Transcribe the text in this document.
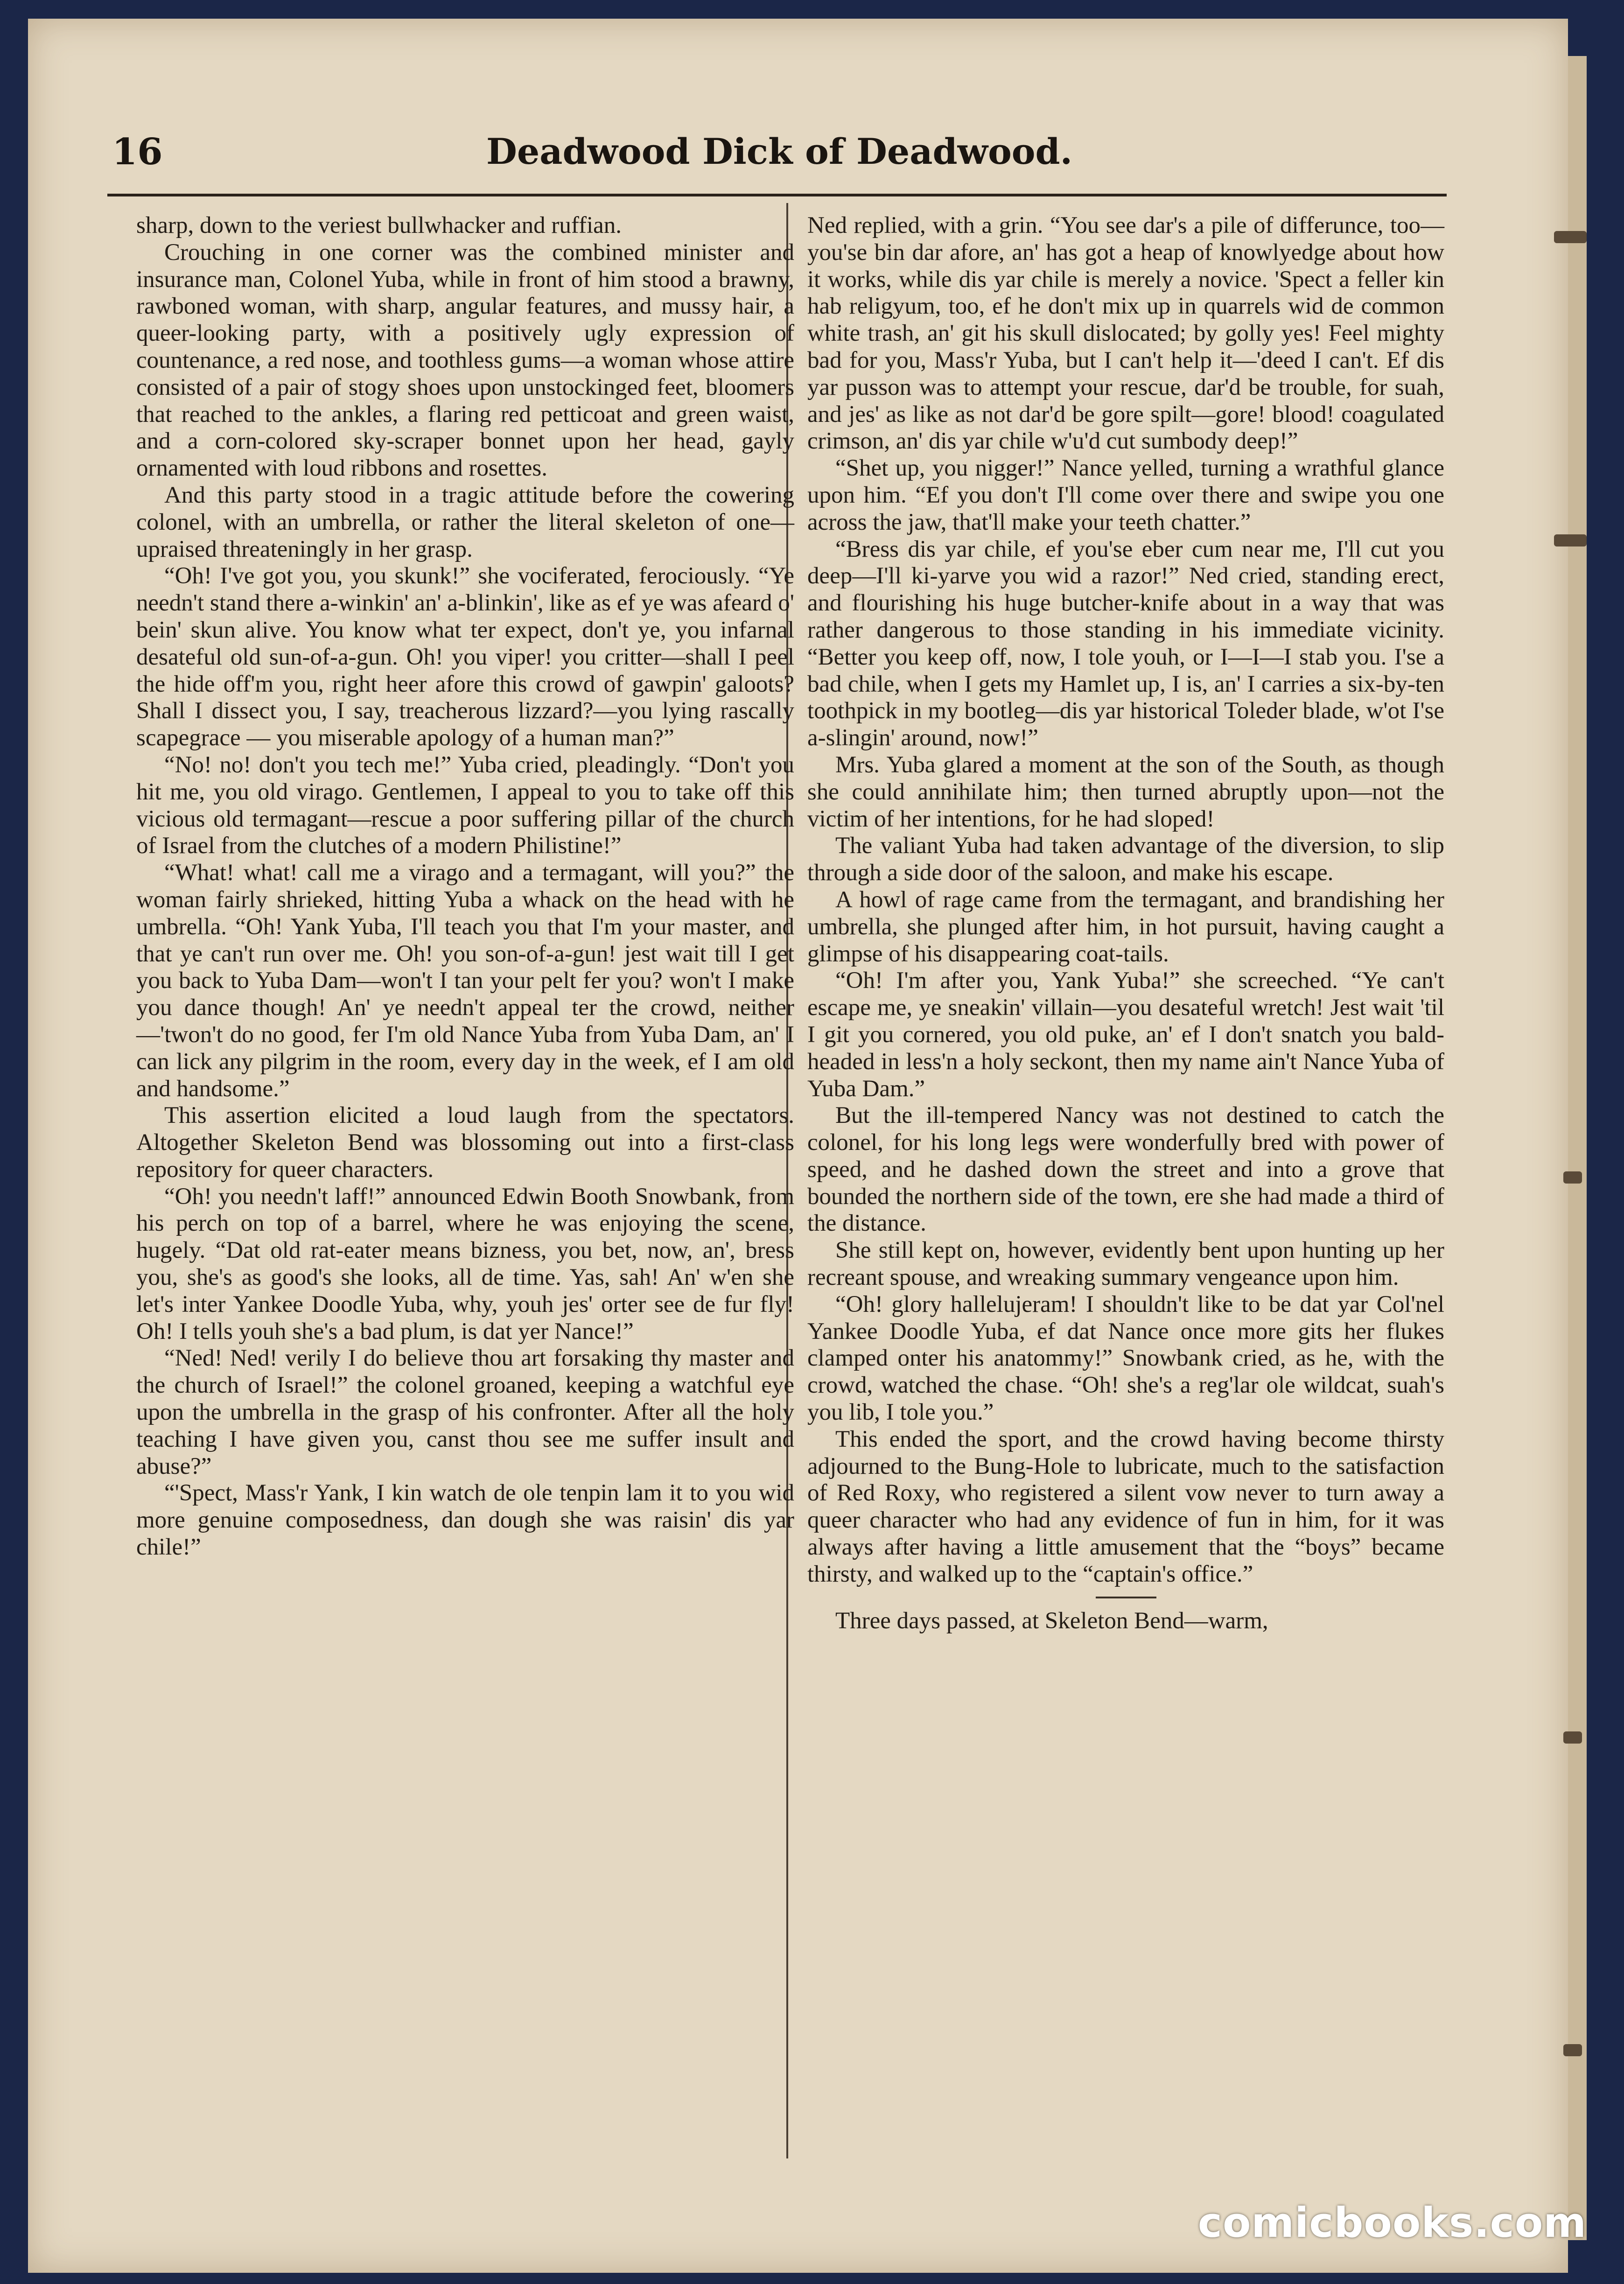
16	Deadwood Dick of Deadwood.

sharp, down to the veriest bullwhacker and ruffian.

Crouching in one corner was the combined minister and insurance man, Colonel Yuba, while in front of him stood a brawny, rawboned woman, with sharp, angular features, and mussy hair, a queer-looking party, with a positively ugly expression of countenance, a red nose, and toothless gums—a woman whose attire consisted of a pair of stogy shoes upon unstockinged feet, bloomers that reached to the ankles, a flaring red petticoat and green waist, and a corn-colored sky-scraper bonnet upon her head, gayly ornamented with loud ribbons and rosettes.

And this party stood in a tragic attitude before the cowering colonel, with an umbrella, or rather the literal skeleton of one—upraised threateningly in her grasp.

“Oh! I've got you, you skunk!” she vociferated, ferociously. “Ye needn't stand there a-winkin' an' a-blinkin', like as ef ye was afeard o' bein' skun alive. You know what ter expect, don't ye, you infarnal desateful old sun-of-a-gun. Oh! you viper! you critter—shall I peel the hide off'm you, right heer afore this crowd of gawpin' galoots? Shall I dissect you, I say, treacherous lizzard?—you lying rascally scapegrace — you miserable apology of a human man?”

“No! no! don't you tech me!” Yuba cried, pleadingly. “Don't you hit me, you old virago. Gentlemen, I appeal to you to take off this vicious old termagant—rescue a poor suffering pillar of the church of Israel from the clutches of a modern Philistine!”

“What! what! call me a virago and a termagant, will you?” the woman fairly shrieked, hitting Yuba a whack on the head with he umbrella. “Oh! Yank Yuba, I'll teach you that I'm your master, and that ye can't run over me. Oh! you son-of-a-gun! jest wait till I get you back to Yuba Dam—won't I tan your pelt fer you? won't I make you dance though! An' ye needn't appeal ter the crowd, neither—'twon't do no good, fer I'm old Nance Yuba from Yuba Dam, an' I can lick any pilgrim in the room, every day in the week, ef I am old and handsome.”

This assertion elicited a loud laugh from the spectators. Altogether Skeleton Bend was blossoming out into a first-class repository for queer characters.

“Oh! you needn't laff!” announced Edwin Booth Snowbank, from his perch on top of a barrel, where he was enjoying the scene, hugely. “Dat old rat-eater means bizness, you bet, now, an', bress you, she's as good's she looks, all de time. Yas, sah! An' w'en she let's inter Yankee Doodle Yuba, why, youh jes' orter see de fur fly! Oh! I tells youh she's a bad plum, is dat yer Nance!”

“Ned! Ned! verily I do believe thou art forsaking thy master and the church of Israel!” the colonel groaned, keeping a watchful eye upon the umbrella in the grasp of his confronter. After all the holy teaching I have given you, canst thou see me suffer insult and abuse?”

“'Spect, Mass'r Yank, I kin watch de ole tenpin lam it to you wid more genuine composedness, dan dough she was raisin' dis yar chile!”

Ned replied, with a grin. “You see dar's a pile of differunce, too—you'se bin dar afore, an' has got a heap of knowlyedge about how it works, while dis yar chile is merely a novice. 'Spect a feller kin hab religyum, too, ef he don't mix up in quarrels wid de common white trash, an' git his skull dislocated; by golly yes! Feel mighty bad for you, Mass'r Yuba, but I can't help it—'deed I can't. Ef dis yar pusson was to attempt your rescue, dar'd be trouble, for suah, and jes' as like as not dar'd be gore spilt—gore! blood! coagulated crimson, an' dis yar chile w'u'd cut sumbody deep!”

“Shet up, you nigger!” Nance yelled, turning a wrathful glance upon him. “Ef you don't I'll come over there and swipe you one across the jaw, that'll make your teeth chatter.”

“Bress dis yar chile, ef you'se eber cum near me, I'll cut you deep—I'll ki-yarve you wid a razor!” Ned cried, standing erect, and flourishing his huge butcher-knife about in a way that was rather dangerous to those standing in his immediate vicinity. “Better you keep off, now, I tole youh, or I—I—I stab you. I'se a bad chile, when I gets my Hamlet up, I is, an' I carries a six-by-ten toothpick in my bootleg—dis yar historical Toleder blade, w'ot I'se a-slingin' around, now!”

Mrs. Yuba glared a moment at the son of the South, as though she could annihilate him; then turned abruptly upon—not the victim of her intentions, for he had sloped!

The valiant Yuba had taken advantage of the diversion, to slip through a side door of the saloon, and make his escape.

A howl of rage came from the termagant, and brandishing her umbrella, she plunged after him, in hot pursuit, having caught a glimpse of his disappearing coat-tails.

“Oh! I'm after you, Yank Yuba!” she screeched. “Ye can't escape me, ye sneakin' villain—you desateful wretch! Jest wait 'til I git you cornered, you old puke, an' ef I don't snatch you bald-headed in less'n a holy seckont, then my name ain't Nance Yuba of Yuba Dam.”

But the ill-tempered Nancy was not destined to catch the colonel, for his long legs were wonderfully bred with power of speed, and he dashed down the street and into a grove that bounded the northern side of the town, ere she had made a third of the distance.

She still kept on, however, evidently bent upon hunting up her recreant spouse, and wreaking summary vengeance upon him.

“Oh! glory hallelujeram! I shouldn't like to be dat yar Col'nel Yankee Doodle Yuba, ef dat Nance once more gits her flukes clamped onter his anatommy!” Snowbank cried, as he, with the crowd, watched the chase. “Oh! she's a reg'lar ole wildcat, suah's you lib, I tole you.”

This ended the sport, and the crowd having become thirsty adjourned to the Bung-Hole to lubricate, much to the satisfaction of Red Roxy, who registered a silent vow never to turn away a queer character who had any evidence of fun in him, for it was always after having a little amusement that the “boys” became thirsty, and walked up to the “captain's office.”

Three days passed, at Skeleton Bend—warm,

comicbooks.com
